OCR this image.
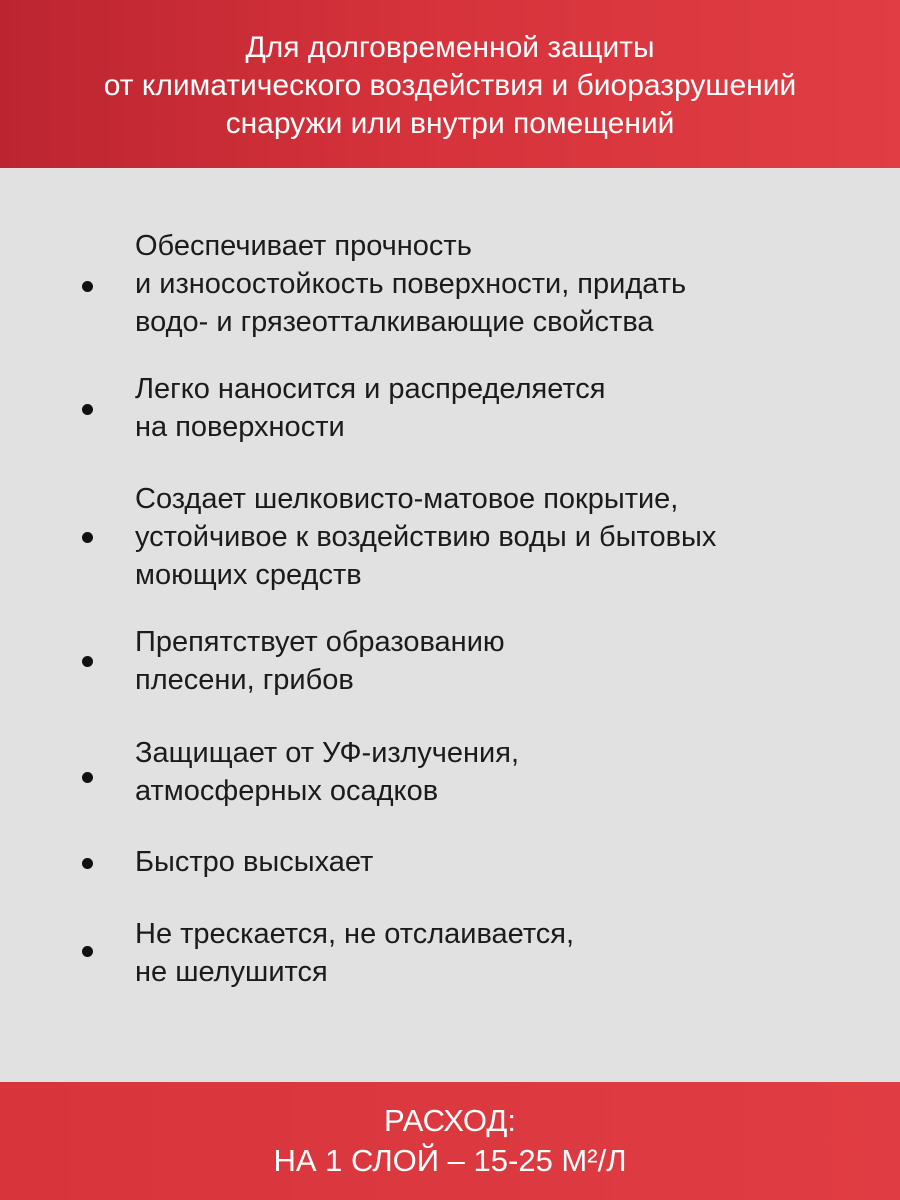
Для долговременной защиты
от климатического воздействия и биоразрушений
снаружи или внутри помещений
Обеспечивает прочность
и износостойкость поверхности, придать
водо- и грязеотталкивающие свойства
Легко наносится и распределяется
на поверхности
Создает шелковисто-матовое покрытие,
устойчивое к воздействию воды и бытовых
моющих средств
Препятствует образованию
плесени, грибов
Защищает от УФ-излучения,
атмосферных осадков
Быстро высыхает
Не трескается, не отслаивается,
не шелушится
РАСХОД:
НА 1 СЛОЙ – 15-25 М²/Л
